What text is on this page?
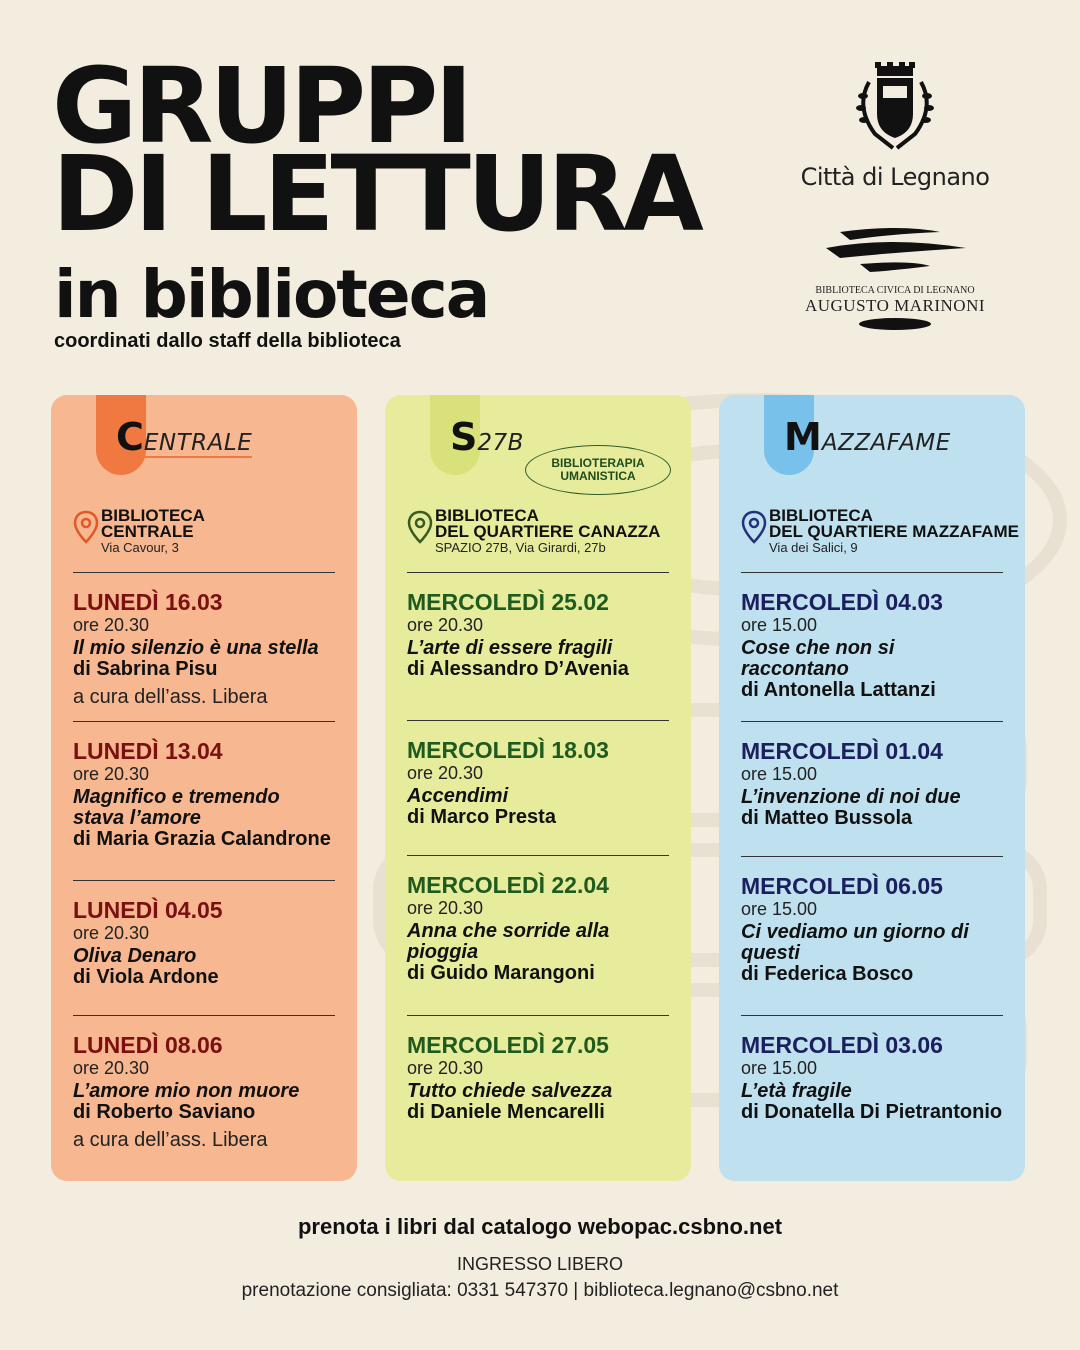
GRUPPI
DI LETTURA
in biblioteca
coordinati dallo staff della biblioteca
Città di Legnano
BIBLIOTECA CIVICA DI LEGNANO
AUGUSTO MARINONI
CENTRALE
BIBLIOTECA
CENTRALE
Via Cavour, 3
LUNEDÌ 16.03
ore 20.30
Il mio silenzio è una stella
di Sabrina Pisu
a cura dell’ass. Libera
LUNEDÌ 13.04
ore 20.30
Magnifico e tremendo stava l’amore
di Maria Grazia Calandrone
LUNEDÌ 04.05
ore 20.30
Oliva Denaro
di Viola Ardone
LUNEDÌ 08.06
ore 20.30
L’amore mio non muore
di Roberto Saviano
a cura dell’ass. Libera
S27B
BIBLIOTERAPIA
UMANISTICA
BIBLIOTECA
DEL QUARTIERE CANAZZA
SPAZIO 27B, Via Girardi, 27b
MERCOLEDÌ 25.02
ore 20.30
L’arte di essere fragili
di Alessandro D’Avenia
MERCOLEDÌ 18.03
ore 20.30
Accendimi
di Marco Presta
MERCOLEDÌ 22.04
ore 20.30
Anna che sorride alla pioggia
di Guido Marangoni
MERCOLEDÌ 27.05
ore 20.30
Tutto chiede salvezza
di Daniele Mencarelli
MAZZAFAME
BIBLIOTECA
DEL QUARTIERE MAZZAFAME
Via dei Salici, 9
MERCOLEDÌ 04.03
ore 15.00
Cose che non si raccontano
di Antonella Lattanzi
MERCOLEDÌ 01.04
ore 15.00
L’invenzione di noi due
di Matteo Bussola
MERCOLEDÌ 06.05
ore 15.00
Ci vediamo un giorno di questi
di Federica Bosco
MERCOLEDÌ 03.06
ore 15.00
L’età fragile
di Donatella Di Pietrantonio
prenota i libri dal catalogo webopac.csbno.net
INGRESSO LIBERO
prenotazione consigliata: 0331 547370 | biblioteca.legnano@csbno.net
